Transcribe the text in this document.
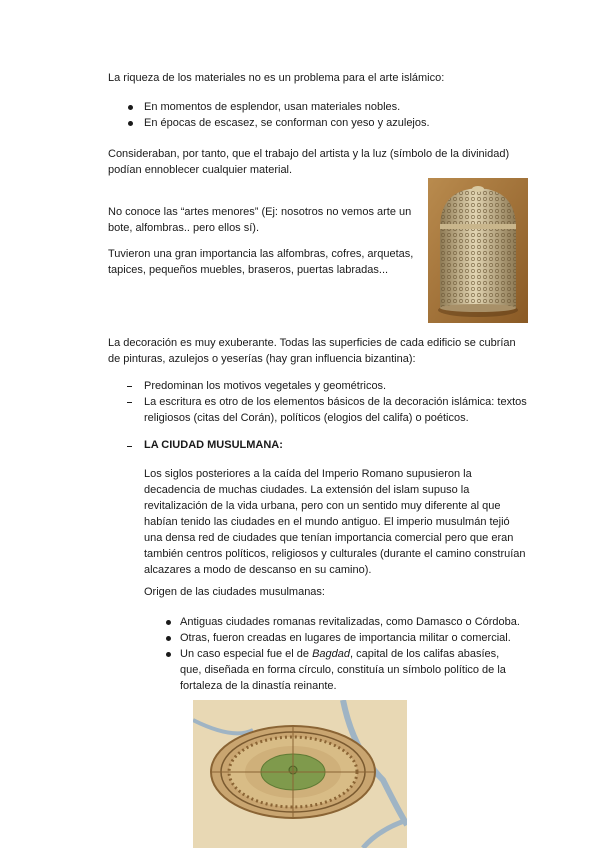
La riqueza de los materiales no es un problema para el arte islámico:

En momentos de esplendor, usan materiales nobles.

En épocas de escasez, se conforman con yeso y azulejos.

Consideraban, por tanto, que el trabajo del artista y la luz (símbolo de la divinidad) podían ennoblecer cualquier material.

No conoce las “artes menores” (Ej: nosotros no vemos arte un bote, alfombras.. pero ellos sí).

Tuvieron una gran importancia las alfombras, cofres, arquetas, tapices, pequeños muebles, braseros, puertas labradas...

La decoración es muy exuberante. Todas las superficies de cada edificio se cubrían de pinturas, azulejos o yeserías (hay gran influencia bizantina):

Predominan los motivos vegetales y geométricos.

La escritura es otro de los elementos básicos de la decoración islámica: textos religiosos (citas del Corán), políticos (elogios del califa) o poéticos.

LA CIUDAD MUSULMANA:

Los siglos posteriores a la caída del Imperio Romano supusieron la decadencia de muchas ciudades. La extensión del islam supuso la revitalización de la vida urbana, pero con un sentido muy diferente al que habían tenido las ciudades en el mundo antiguo. El imperio musulmán tejió una densa red de ciudades que tenían importancia comercial pero que eran también centros políticos, religiosos y culturales (durante el camino construían alcazares a modo de descanso en su camino).

Origen de las ciudades musulmanas:

Antiguas ciudades romanas revitalizadas, como Damasco o Córdoba.

Otras, fueron creadas en lugares de importancia militar o comercial.

Un caso especial fue el de Bagdad, capital de los califas abasíes, que, diseñada en forma círculo, constituía un símbolo político de la fortaleza de la dinastía reinante.
